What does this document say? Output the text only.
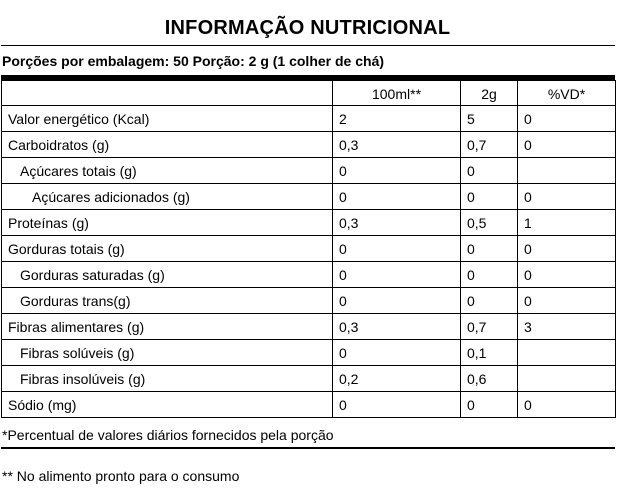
INFORMAÇÃO NUTRICIONAL
Porções por embalagem: 50 Porção: 2 g (1 colher de chá)
	100ml**	2g	%VD*
Valor energético (Kcal)	2	5	0
Carboidratos (g)	0,3	0,7	0
Açúcares totais (g)	0	0	
Açúcares adicionados (g)	0	0	0
Proteínas (g)	0,3	0,5	1
Gorduras totais (g)	0	0	0
Gorduras saturadas (g)	0	0	0
Gorduras trans(g)	0	0	0
Fibras alimentares (g)	0,3	0,7	3
Fibras solúveis (g)	0	0,1	
Fibras insolúveis (g)	0,2	0,6	
Sódio (mg)	0	0	0
*Percentual de valores diários fornecidos pela porção
** No alimento pronto para o consumo
